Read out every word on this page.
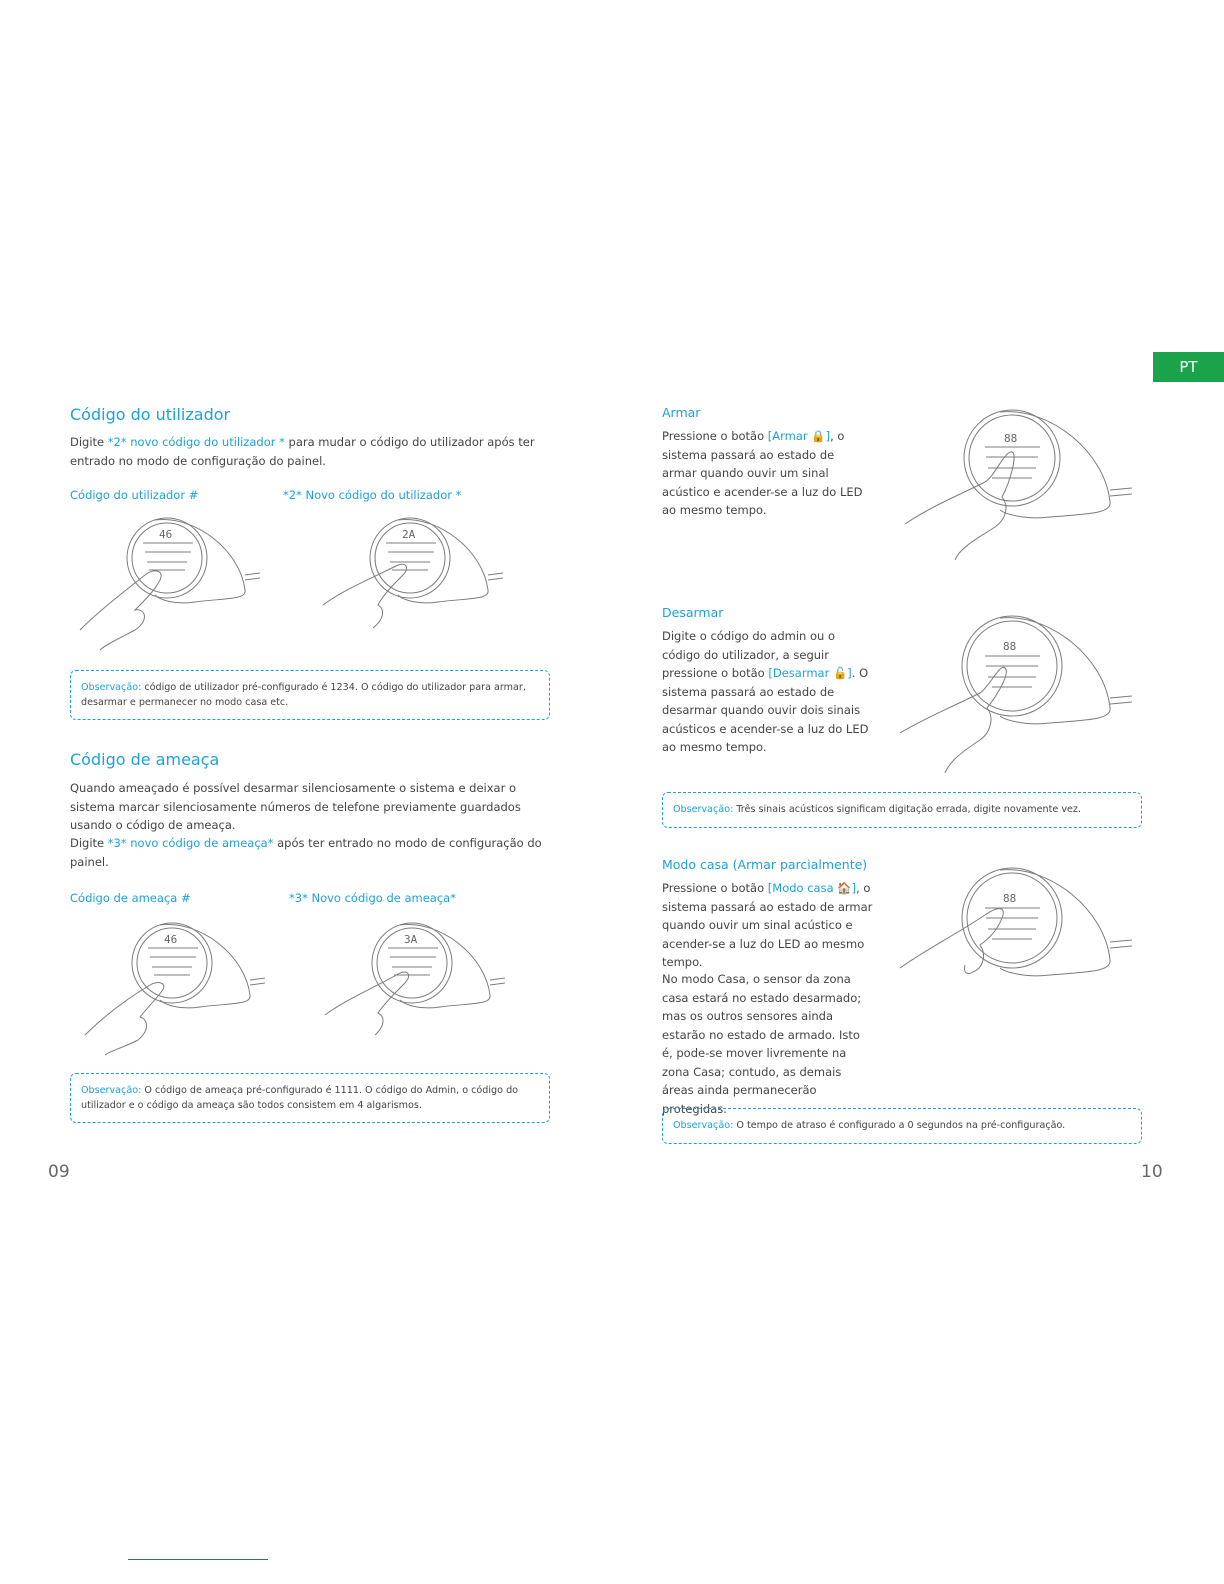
PT
Código do utilizador

Digite *2* novo código do utilizador * para mudar o código do utilizador após ter entrado no modo de configuração do painel.

Código do utilizador #	*2* Novo código do utilizador *
46	2A
Observação: código de utilizador pré-configurado é 1234. O código do utilizador para armar, desarmar e permanecer no modo casa etc.
Código de ameaça

Quando ameaçado é possível desarmar silenciosamente o sistema e deixar o sistema marcar silenciosamente números de telefone previamente guardados usando o código de ameaça.

Digite *3* novo código de ameaça* após ter entrado no modo de configuração do painel.

Código de ameaça #	*3* Novo código de ameaça*
46	3A
Observação: O código de ameaça pré-configurado é 1111. O código do Admin, o código do utilizador e o código da ameaça são todos consistem em 4 algarismos.
09
Armar

Pressione o botão [Armar 🔒], o sistema passará ao estado de armar quando ouvir um sinal acústico e acender-se a luz do LED ao mesmo tempo.

88
Desarmar

Digite o código do admin ou o código do utilizador, a seguir pressione o botão [Desarmar 🔓]. O sistema passará ao estado de desarmar quando ouvir dois sinais acústicos e acender-se a luz do LED ao mesmo tempo.

88
Observação: Três sinais acústicos significam digitação errada, digite novamente vez.
Modo casa (Armar parcialmente)

Pressione o botão [Modo casa 🏠], o sistema passará ao estado de armar quando ouvir um sinal acústico e acender-se a luz do LED ao mesmo tempo.

No modo Casa, o sensor da zona casa estará no estado desarmado; mas os outros sensores ainda estarão no estado de armado. Isto é, pode-se mover livremente na zona Casa; contudo, as demais áreas ainda permanecerão protegidas.

88
Observação: O tempo de atraso é configurado a 0 segundos na pré-configuração.
10
